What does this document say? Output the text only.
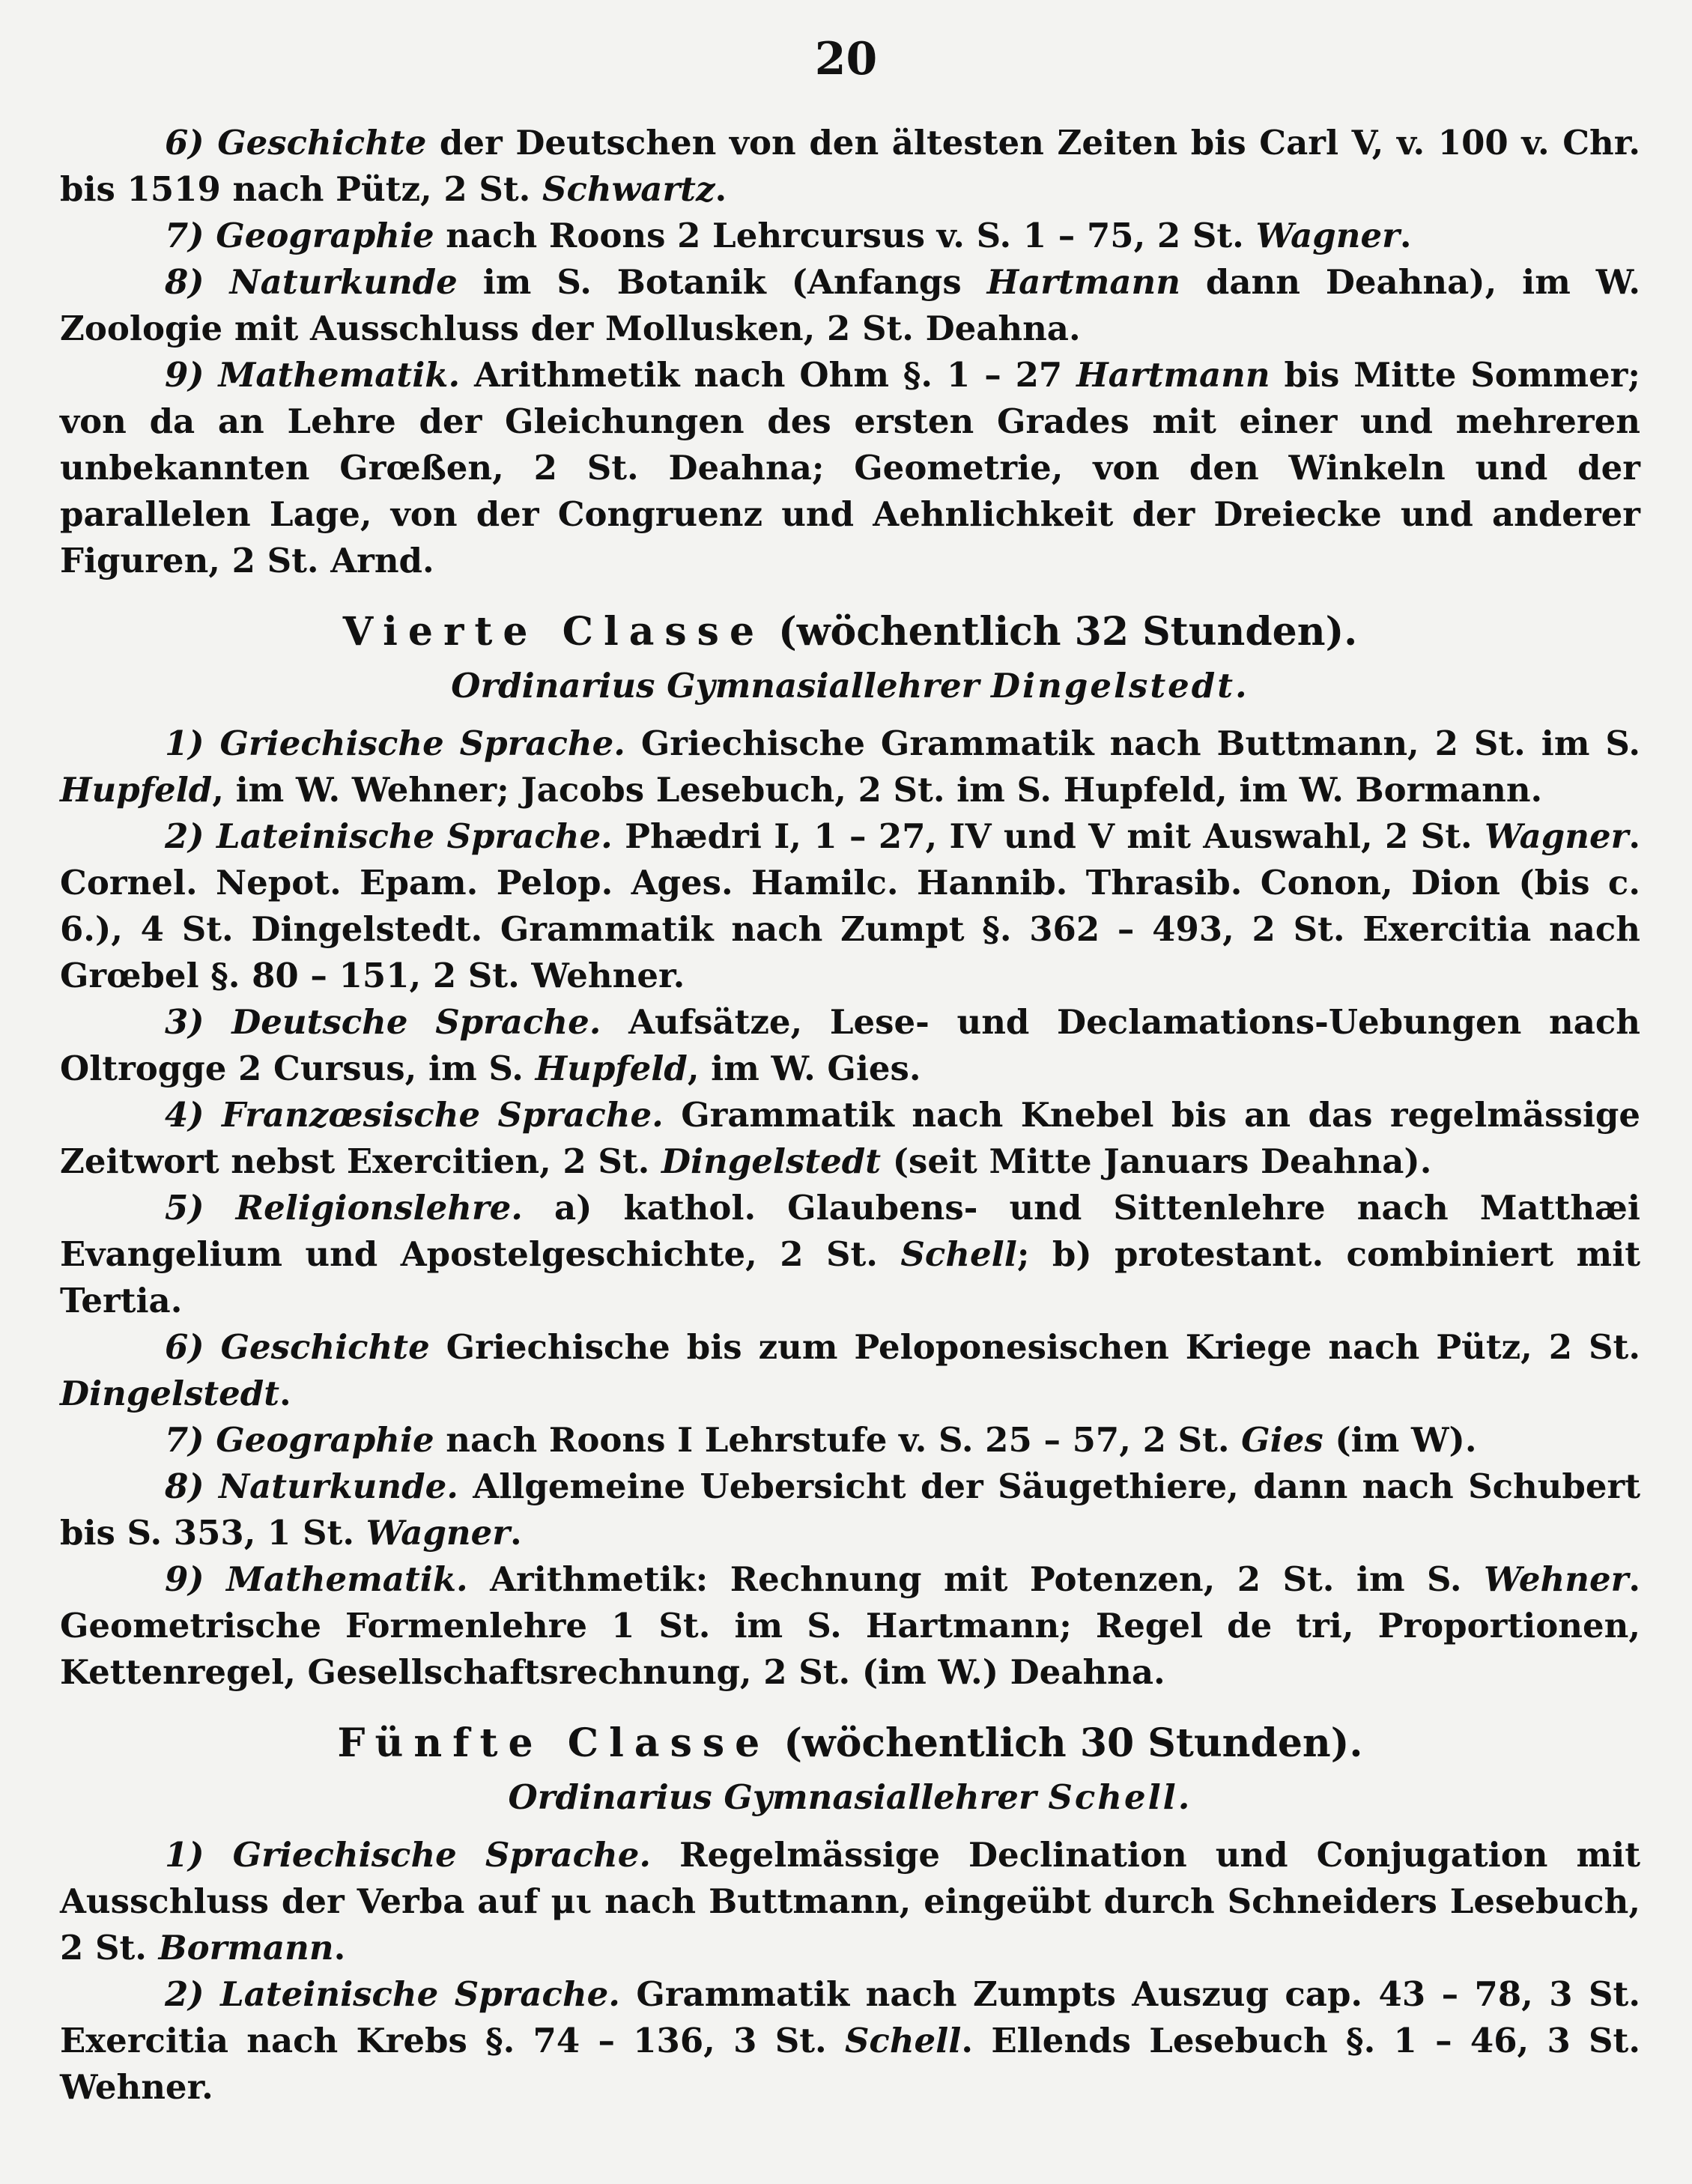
20

6) Geschichte der Deutschen von den ältesten Zeiten bis Carl V, v. 100 v. Chr. bis 1519 nach Pütz, 2 St. Schwartz.

7) Geographie nach Roons 2 Lehrcursus v. S. 1 – 75, 2 St. Wagner.

8) Naturkunde im S. Botanik (Anfangs Hartmann dann Deahna), im W. Zoologie mit Ausschluss der Mollusken, 2 St. Deahna.

9) Mathematik. Arithmetik nach Ohm §. 1 – 27 Hartmann bis Mitte Sommer; von da an Lehre der Gleichungen des ersten Grades mit einer und mehreren unbekannten Grœßen, 2 St. Deahna; Geometrie, von den Winkeln und der parallelen Lage, von der Congruenz und Aehnlichkeit der Dreiecke und anderer Figuren, 2 St. Arnd.

Vierte Classe (wöchentlich 32 Stunden).
Ordinarius Gymnasiallehrer Dingelstedt.

1) Griechische Sprache. Griechische Grammatik nach Buttmann, 2 St. im S. Hupfeld, im W. Wehner; Jacobs Lesebuch, 2 St. im S. Hupfeld, im W. Bormann.

2) Lateinische Sprache. Phædri I, 1 – 27, IV und V mit Auswahl, 2 St. Wagner. Cornel. Nepot. Epam. Pelop. Ages. Hamilc. Hannib. Thrasib. Conon, Dion (bis c. 6.), 4 St. Dingelstedt. Grammatik nach Zumpt §. 362 – 493, 2 St. Exercitia nach Grœbel §. 80 – 151, 2 St. Wehner.

3) Deutsche Sprache. Aufsätze, Lese- und Declamations-Uebungen nach Oltrogge 2 Cursus, im S. Hupfeld, im W. Gies.

4) Franzœsische Sprache. Grammatik nach Knebel bis an das regelmässige Zeitwort nebst Exercitien, 2 St. Dingelstedt (seit Mitte Januars Deahna).

5) Religionslehre. a) kathol. Glaubens- und Sittenlehre nach Matthæi Evangelium und Apostelgeschichte, 2 St. Schell; b) protestant. combiniert mit Tertia.

6) Geschichte Griechische bis zum Peloponesischen Kriege nach Pütz, 2 St. Dingelstedt.

7) Geographie nach Roons I Lehrstufe v. S. 25 – 57, 2 St. Gies (im W).

8) Naturkunde. Allgemeine Uebersicht der Säugethiere, dann nach Schubert bis S. 353, 1 St. Wagner.

9) Mathematik. Arithmetik: Rechnung mit Potenzen, 2 St. im S. Wehner. Geometrische Formenlehre 1 St. im S. Hartmann; Regel de tri, Proportionen, Kettenregel, Gesellschaftsrechnung, 2 St. (im W.) Deahna.

Fünfte Classe (wöchentlich 30 Stunden).
Ordinarius Gymnasiallehrer Schell.

1) Griechische Sprache. Regelmässige Declination und Conjugation mit Ausschluss der Verba auf μι nach Buttmann, eingeübt durch Schneiders Lesebuch, 2 St. Bormann.

2) Lateinische Sprache. Grammatik nach Zumpts Auszug cap. 43 – 78, 3 St. Exercitia nach Krebs §. 74 – 136, 3 St. Schell. Ellends Lesebuch §. 1 – 46, 3 St. Wehner.
